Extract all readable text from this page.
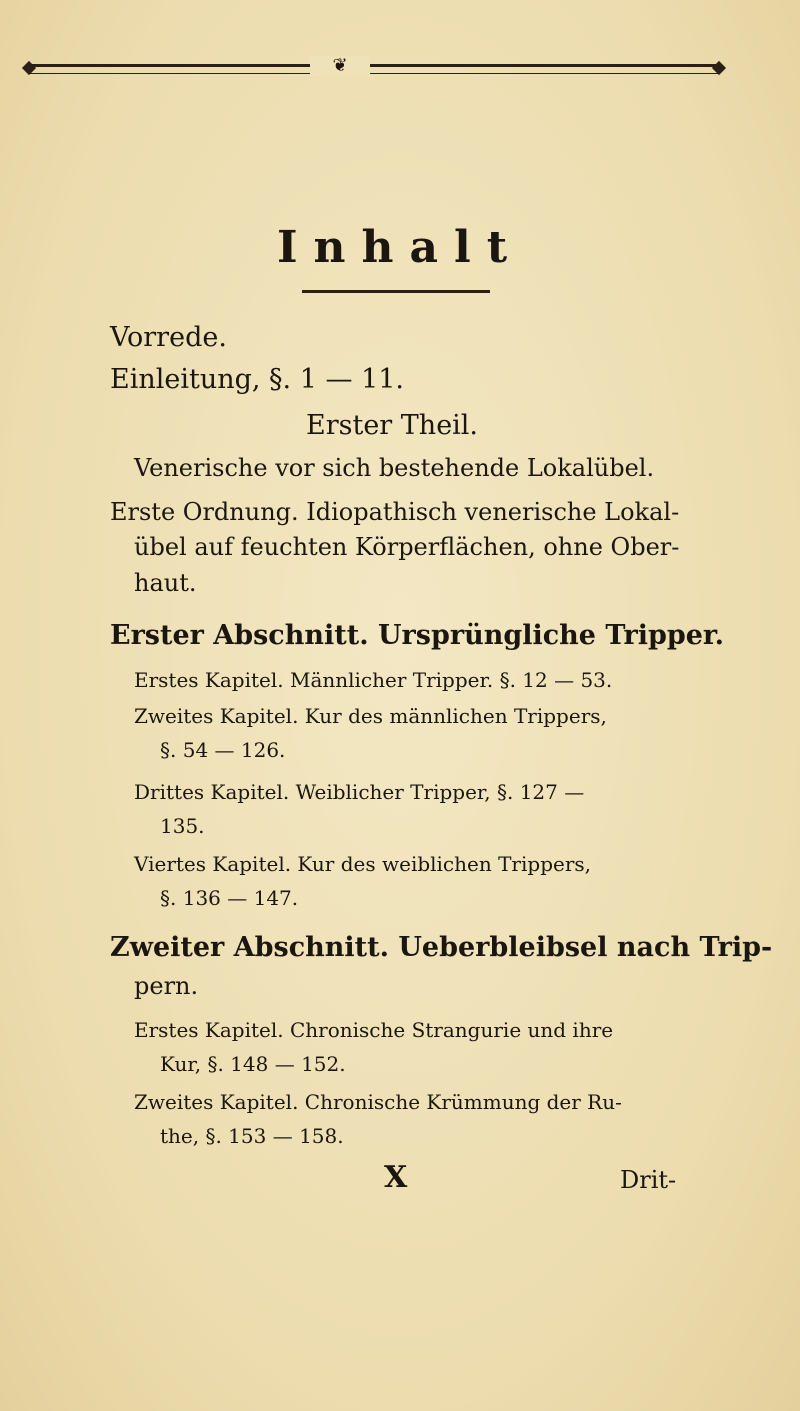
❦
Inhalt
Vorrede.
Einleitung, §. 1 — 11.
Erster Theil.
Venerische vor sich bestehende Lokalübel.
Erste Ordnung. Idiopathisch venerische Lokal-
übel auf feuchten Körperflächen, ohne Ober-
haut.
Erster Abschnitt. Ursprüngliche Tripper.
Erstes Kapitel. Männlicher Tripper. §. 12 — 53.
Zweites Kapitel. Kur des männlichen Trippers,
§. 54 — 126.
Drittes Kapitel. Weiblicher Tripper, §. 127 —
135.
Viertes Kapitel. Kur des weiblichen Trippers,
§. 136 — 147.
Zweiter Abschnitt. Ueberbleibsel nach Trip-
pern.
Erstes Kapitel. Chronische Strangurie und ihre
Kur, §. 148 — 152.
Zweites Kapitel. Chronische Krümmung der Ru-
the, §. 153 — 158.
X	Drit-
